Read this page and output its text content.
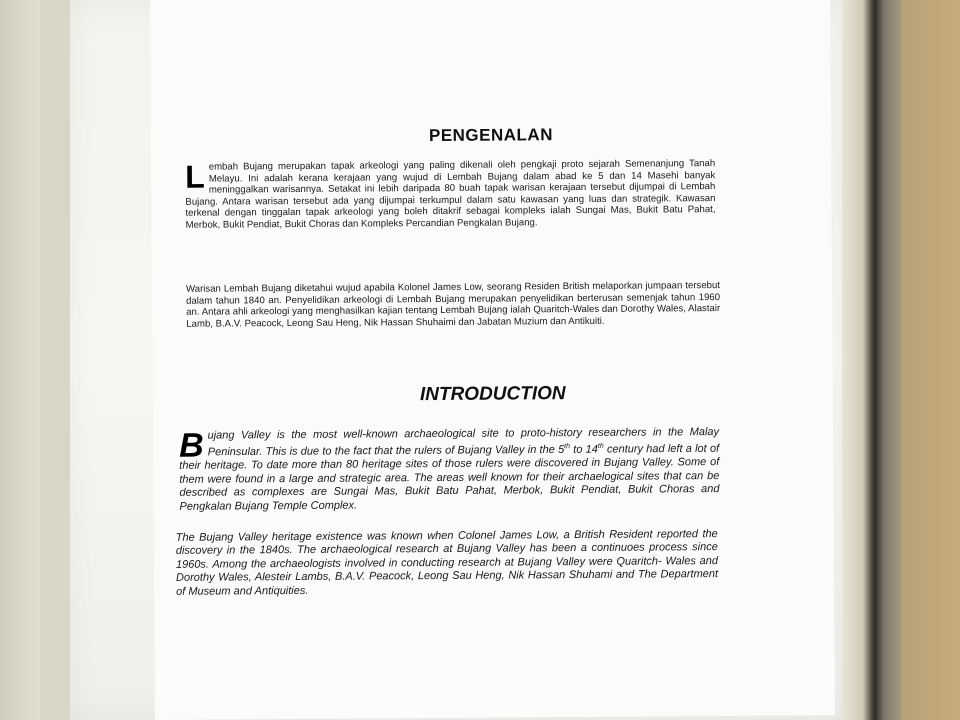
PENGENALAN
Lembah Bujang merupakan tapak arkeologi yang paling dikenali oleh pengkaji proto sejarah Semenanjung Tanah Melayu. Ini adalah kerana kerajaan yang wujud di Lembah Bujang dalam abad ke 5 dan 14 Masehi banyak meninggalkan warisannya. Setakat ini lebih daripada 80 buah tapak warisan kerajaan tersebut dijumpai di Lembah Bujang. Antara warisan tersebut ada yang dijumpai terkumpul dalam satu kawasan yang luas dan strategik. Kawasan terkenal dengan tinggalan tapak arkeologi yang boleh ditakrif sebagai kompleks ialah Sungai Mas, Bukit Batu Pahat, Merbok, Bukit Pendiat, Bukit Choras dan Kompleks Percandian Pengkalan Bujang.
Warisan Lembah Bujang diketahui wujud apabila Kolonel James Low, seorang Residen British melaporkan jumpaan tersebut dalam tahun 1840 an. Penyelidikan arkeologi di Lembah Bujang merupakan penyelidikan berterusan semenjak tahun 1960 an. Antara ahli arkeologi yang menghasilkan kajian tentang Lembah Bujang ialah Quaritch-Wales dan Dorothy Wales, Alastair Lamb, B.A.V. Peacock, Leong Sau Heng, Nik Hassan Shuhaimi dan Jabatan Muzium dan Antikuiti.
INTRODUCTION
Bujang Valley is the most well-known archaeological site to proto-history researchers in the Malay Peninsular. This is due to the fact that the rulers of Bujang Valley in the 5th to 14th century had left a lot of their heritage. To date more than 80 heritage sites of those rulers were discovered in Bujang Valley. Some of them were found in a large and strategic area. The areas well known for their archaelogical sites that can be described as complexes are Sungai Mas, Bukit Batu Pahat, Merbok, Bukit Pendiat, Bukit Choras and Pengkalan Bujang Temple Complex.
The Bujang Valley heritage existence was known when Colonel James Low, a British Resident reported the discovery in the 1840s. The archaeological research at Bujang Valley has been a continuoes process since 1960s. Among the archaeologists involved in conducting research at Bujang Valley were Quaritch- Wales and Dorothy Wales, Alesteir Lambs, B.A.V. Peacock, Leong Sau Heng, Nik Hassan Shuhami and The Department of Museum and Antiquities.
